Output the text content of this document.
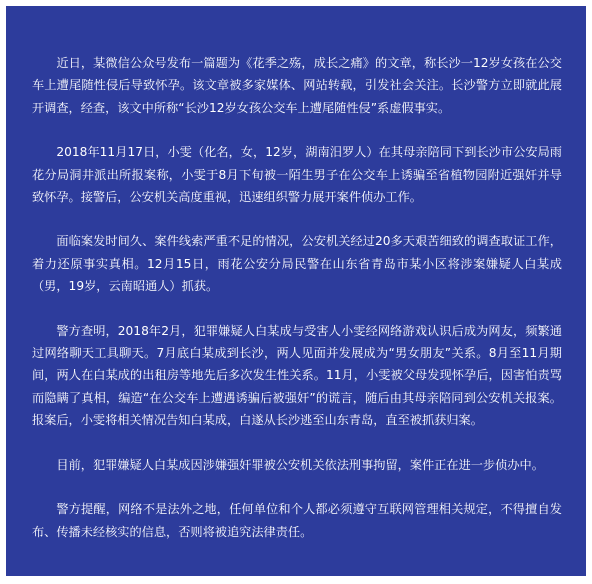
近日，某微信公众号发布一篇题为《花季之殇，成长之痛》的文章，称长沙一12岁女孩在公交车上遭尾随性侵后导致怀孕。该文章被多家媒体、网站转载，引发社会关注。长沙警方立即就此展开调查，经查，该文中所称“长沙12岁女孩公交车上遭尾随性侵”系虚假事实。

2018年11月17日，小雯（化名，女，12岁，湖南汨罗人）在其母亲陪同下到长沙市公安局雨花分局洞井派出所报案称，小雯于8月下旬被一陌生男子在公交车上诱骗至省植物园附近强奸并导致怀孕。接警后，公安机关高度重视，迅速组织警力展开案件侦办工作。

面临案发时间久、案件线索严重不足的情况，公安机关经过20多天艰苦细致的调查取证工作，着力还原事实真相。12月15日，雨花公安分局民警在山东省青岛市某小区将涉案嫌疑人白某成（男，19岁，云南昭通人）抓获。

警方查明，2018年2月，犯罪嫌疑人白某成与受害人小雯经网络游戏认识后成为网友，频繁通过网络聊天工具聊天。7月底白某成到长沙，两人见面并发展成为“男女朋友”关系。8月至11月期间，两人在白某成的出租房等地先后多次发生性关系。11月，小雯被父母发现怀孕后，因害怕责骂而隐瞒了真相，编造“在公交车上遭遇诱骗后被强奸”的谎言，随后由其母亲陪同到公安机关报案。报案后，小雯将相关情况告知白某成，白遂从长沙逃至山东青岛，直至被抓获归案。

目前，犯罪嫌疑人白某成因涉嫌强奸罪被公安机关依法刑事拘留，案件正在进一步侦办中。

警方提醒，网络不是法外之地，任何单位和个人都必须遵守互联网管理相关规定，不得擅自发布、传播未经核实的信息，否则将被追究法律责任。
